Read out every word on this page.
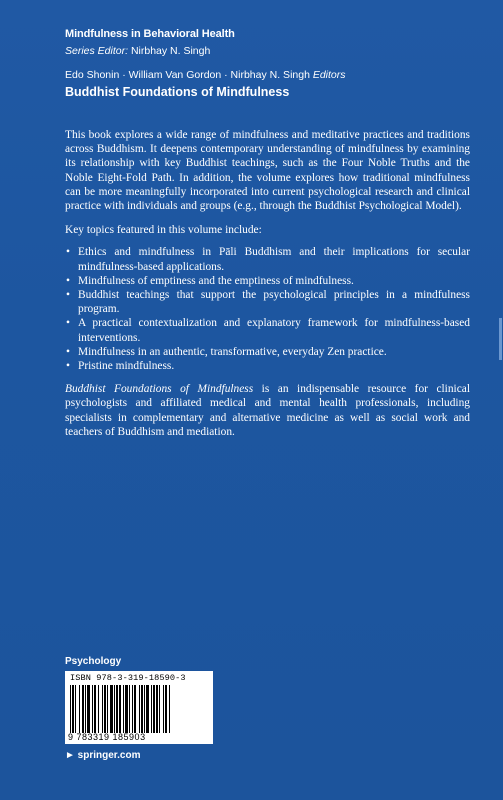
Mindfulness in Behavioral Health
Series Editor: Nirbhay N. Singh
Edo Shonin · William Van Gordon · Nirbhay N. Singh Editors
Buddhist Foundations of Mindfulness

This book explores a wide range of mindfulness and meditative practices and traditions across Buddhism. It deepens contemporary understanding of mindfulness by examining its relationship with key Buddhist teachings, such as the Four Noble Truths and the Noble Eight-Fold Path. In addition, the volume explores how traditional mindfulness can be more meaningfully incorporated into current psychological research and clinical practice with individuals and groups (e.g., through the Buddhist Psychological Model).

Key topics featured in this volume include:

• Ethics and mindfulness in Pāli Buddhism and their implications for secular mindfulness-based applications.
• Mindfulness of emptiness and the emptiness of mindfulness.
• Buddhist teachings that support the psychological principles in a mindfulness program.
• A practical contextualization and explanatory framework for mindfulness-based interventions.
• Mindfulness in an authentic, transformative, everyday Zen practice.
• Pristine mindfulness.

Buddhist Foundations of Mindfulness is an indispensable resource for clinical psychologists and affiliated medical and mental health professionals, including specialists in complementary and alternative medicine as well as social work and teachers of Buddhism and mediation.

Psychology
ISBN 978-3-319-18590-3
9 783319 185903
► springer.com
